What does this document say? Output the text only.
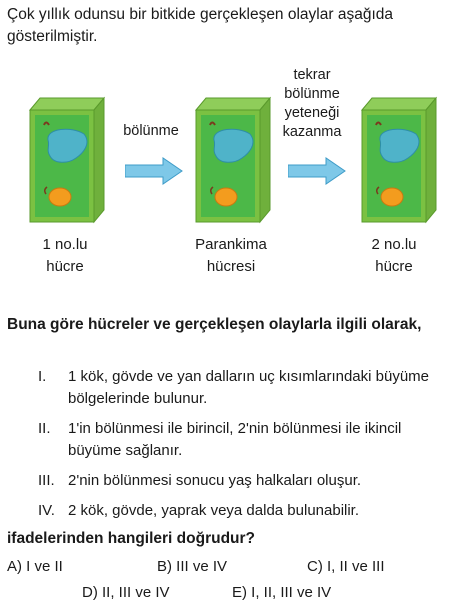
Çok yıllık odunsu bir bitkide gerçekleşen olaylar aşağıda gösterilmiştir.
1 no.lu
hücre
bölünme
Parankima
hücresi
tekrar
bölünme
yeteneği
kazanma
2 no.lu
hücre
Buna göre hücreler ve gerçekleşen olaylarla ilgili olarak,
I.	1 kök, gövde ve yan dalların uç kısımlarındaki büyüme bölgelerinde bulunur.
II.	1'in bölünmesi ile birincil, 2'nin bölünmesi ile ikincil büyüme sağlanır.
III. 2'nin bölünmesi sonucu yaş halkaları oluşur.
IV. 2 kök, gövde, yaprak veya dalda bulunabilir.
ifadelerinden hangileri doğrudur?
A) I ve II	B) III ve IV	C) I, II ve III
D) II, III ve IV	E) I, II, III ve IV
